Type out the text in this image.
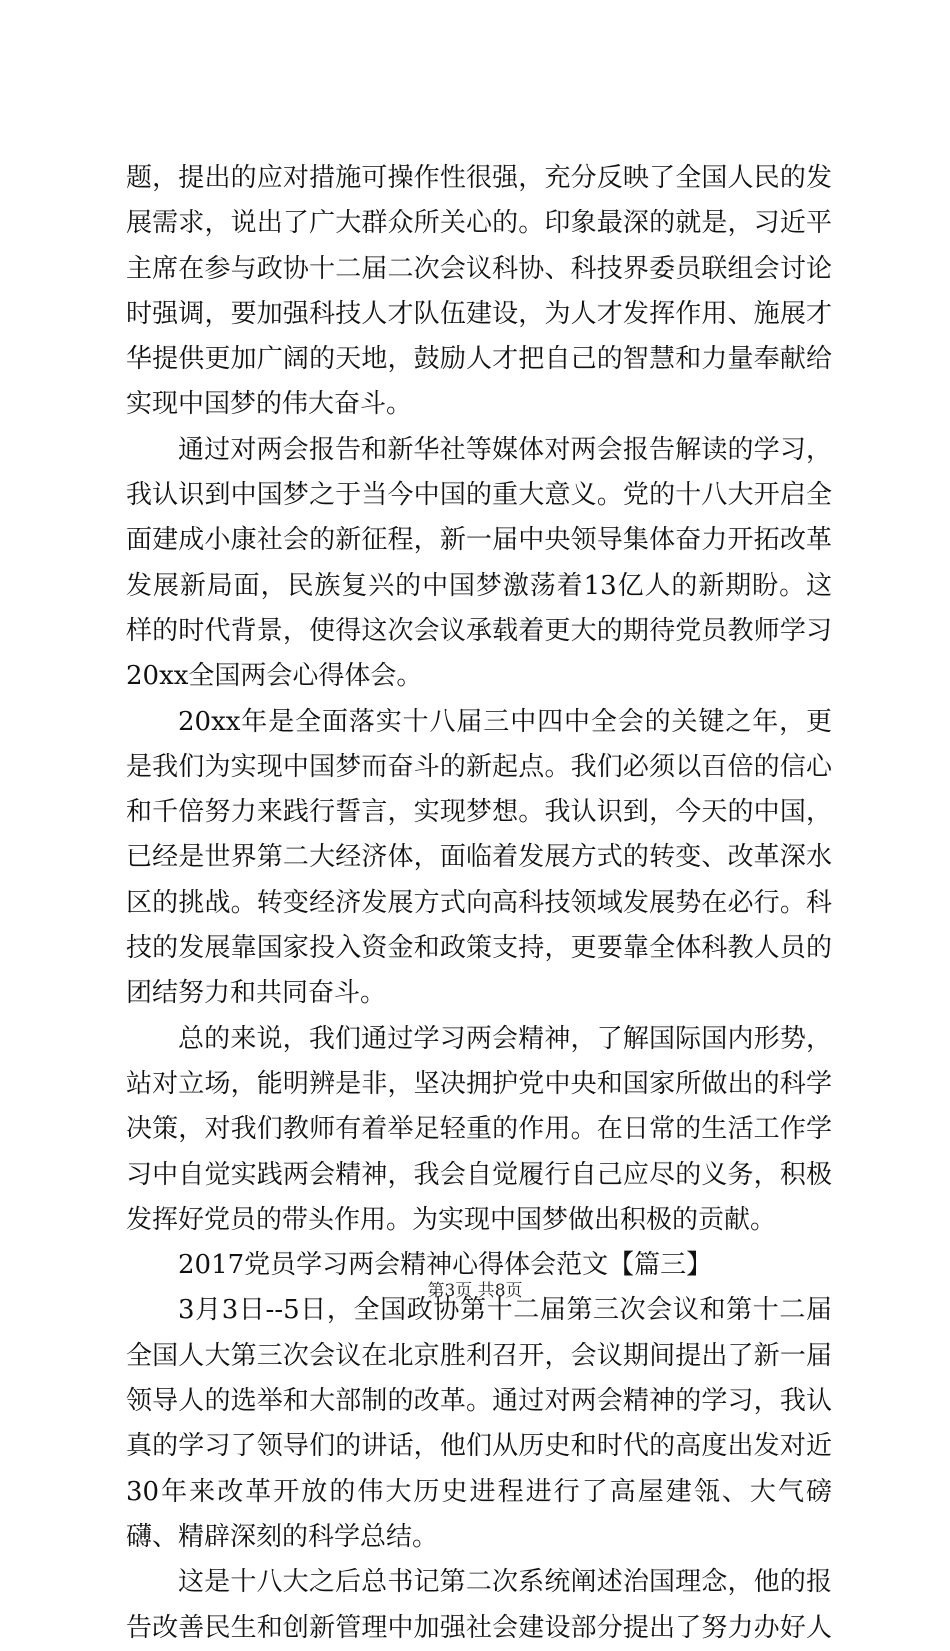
题，提出的应对措施可操作性很强，充分反映了全国人民的发展需求，说出了广大群众所关心的。印象最深的就是，习近平主席在参与政协十二届二次会议科协、科技界委员联组会讨论时强调，要加强科技人才队伍建设，为人才发挥作用、施展才华提供更加广阔的天地，鼓励人才把自己的智慧和力量奉献给实现中国梦的伟大奋斗。

通过对两会报告和新华社等媒体对两会报告解读的学习，我认识到中国梦之于当今中国的重大意义。党的十八大开启全面建成小康社会的新征程，新一届中央领导集体奋力开拓改革发展新局面，民族复兴的中国梦激荡着13亿人的新期盼。这样的时代背景，使得这次会议承载着更大的期待党员教师学习20xx全国两会心得体会。

20xx年是全面落实十八届三中四中全会的关键之年，更是我们为实现中国梦而奋斗的新起点。我们必须以百倍的信心和千倍努力来践行誓言，实现梦想。我认识到，今天的中国，已经是世界第二大经济体，面临着发展方式的转变、改革深水区的挑战。转变经济发展方式向高科技领域发展势在必行。科技的发展靠国家投入资金和政策支持，更要靠全体科教人员的团结努力和共同奋斗。

总的来说，我们通过学习两会精神，了解国际国内形势，站对立场，能明辨是非，坚决拥护党中央和国家所做出的科学决策，对我们教师有着举足轻重的作用。在日常的生活工作学习中自觉实践两会精神，我会自觉履行自己应尽的义务，积极发挥好党员的带头作用。为实现中国梦做出积极的贡献。

2017党员学习两会精神心得体会范文【篇三】

3月3日--5日，全国政协第十二届第三次会议和第十二届全国人大第三次会议在北京胜利召开，会议期间提出了新一届领导人的选举和大部制的改革。通过对两会精神的学习，我认真的学习了领导们的讲话，他们从历史和时代的高度出发对近30年来改革开放的伟大历史进程进行了高屋建瓴、大气磅礴、精辟深刻的科学总结。

这是十八大之后总书记第二次系统阐述治国理念，他的报告改善民生和创新管理中加强社会建设部分提出了努力办好人

第3页 共8页
